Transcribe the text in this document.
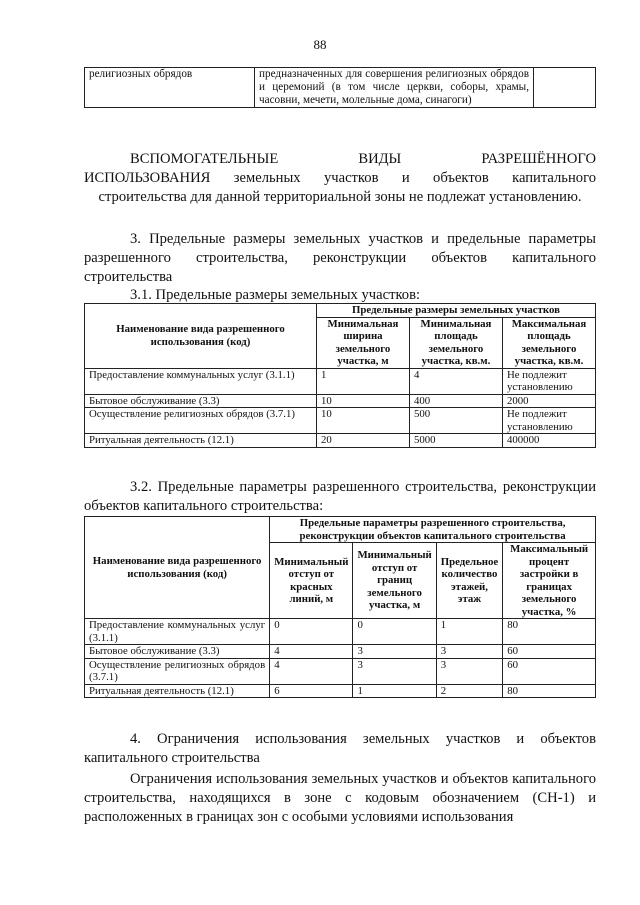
88
религиозных обрядов	предназначенных для совершения религиозных обрядов и церемоний (в том числе церкви, соборы, храмы, часовни, мечети, молельные дома, синагоги)	
ВСПОМОГАТЕЛЬНЫЕ ВИДЫ РАЗРЕШЁННОГО
ИСПОЛЬЗОВАНИЯ земельных участков и объектов капитального
строительства для данной территориальной зоны не подлежат установлению.
3. Предельные размеры земельных участков и предельные параметры разрешенного строительства, реконструкции объектов капитального строительства
3.1. Предельные размеры земельных участков:
Наименование вида разрешенного использования (код)	Предельные размеры земельных участков		
	Минимальная ширина земельного участка, м	Минимальная площадь земельного участка, кв.м.	Максимальная площадь земельного участка, кв.м.
Предоставление коммунальных услуг (3.1.1)	1	4	Не подлежит установлению
Бытовое обслуживание (3.3)	10	400	2000
Осуществление религиозных обрядов (3.7.1)	10	500	Не подлежит установлению
Ритуальная деятельность (12.1)	20	5000	400000
3.2. Предельные параметры разрешенного строительства, реконструкции объектов капитального строительства:
Наименование вида разрешенного использования (код)	Предельные параметры разрешенного строительства, реконструкции объектов капитального строительства			
	Минимальный отступ от красных линий, м	Минимальный отступ от границ земельного участка, м	Предельное количество этажей, этаж	Максимальный процент застройки в границах земельного участка, %
Предоставление коммунальных услуг (3.1.1)	0	0	1	80
Бытовое обслуживание (3.3)	4	3	3	60
Осуществление религиозных обрядов (3.7.1)	4	3	3	60
Ритуальная деятельность (12.1)	6	1	2	80
4. Ограничения использования земельных участков и объектов капитального строительства
Ограничения использования земельных участков и объектов капитального строительства, находящихся в зоне с кодовым обозначением (СН-1) и расположенных в границах зон с особыми условиями использования
